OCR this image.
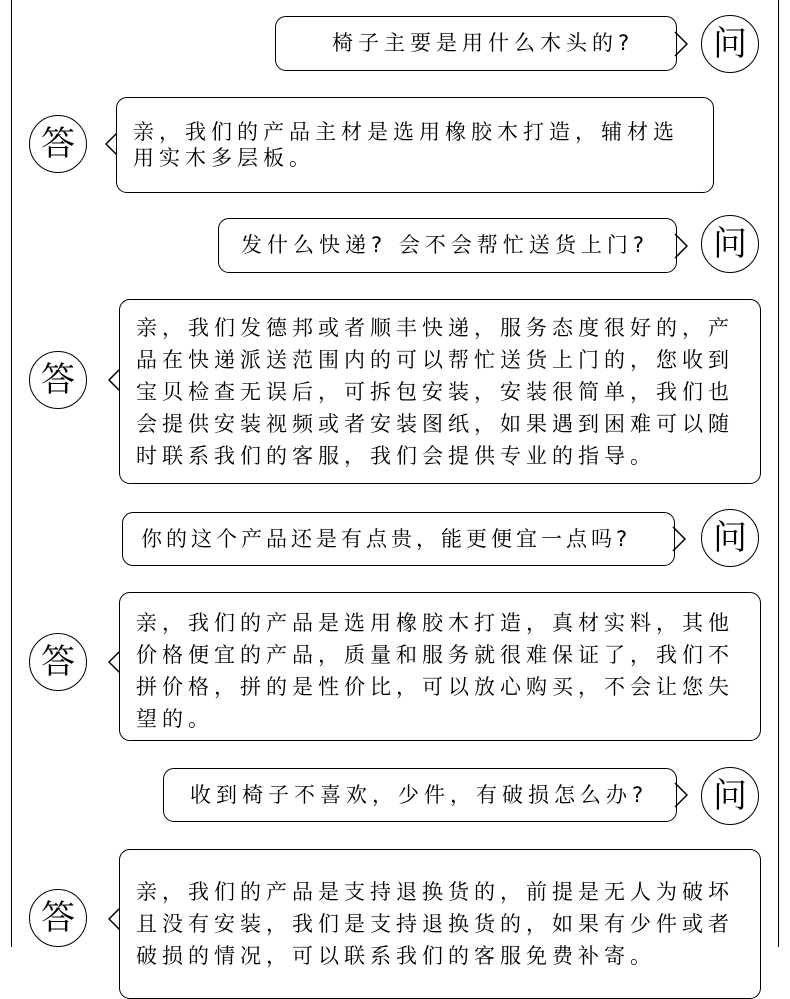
椅子主要是用什么木头的?	问
答	亲，我们的产品主材是选用橡胶木打造，辅材选
用实木多层板。
发什么快递? 会不会帮忙送货上门?	问
答
亲，我们发德邦或者顺丰快递，服务态度很好的，产
品在快递派送范围内的可以帮忙送货上门的，您收到
宝贝检查无误后，可拆包安装，安装很简单，我们也
会提供安装视频或者安装图纸，如果遇到困难可以随
时联系我们的客服，我们会提供专业的指导。
你的这个产品还是有点贵，能更便宜一点吗?	问
答
亲，我们的产品是选用橡胶木打造，真材实料，其他
价格便宜的产品，质量和服务就很难保证了，我们不
拼价格，拼的是性价比，可以放心购买，不会让您失
望的。
收到椅子不喜欢，少件，有破损怎么办?	问
答
亲，我们的产品是支持退换货的，前提是无人为破坏
且没有安装，我们是支持退换货的，如果有少件或者
破损的情况，可以联系我们的客服免费补寄。
